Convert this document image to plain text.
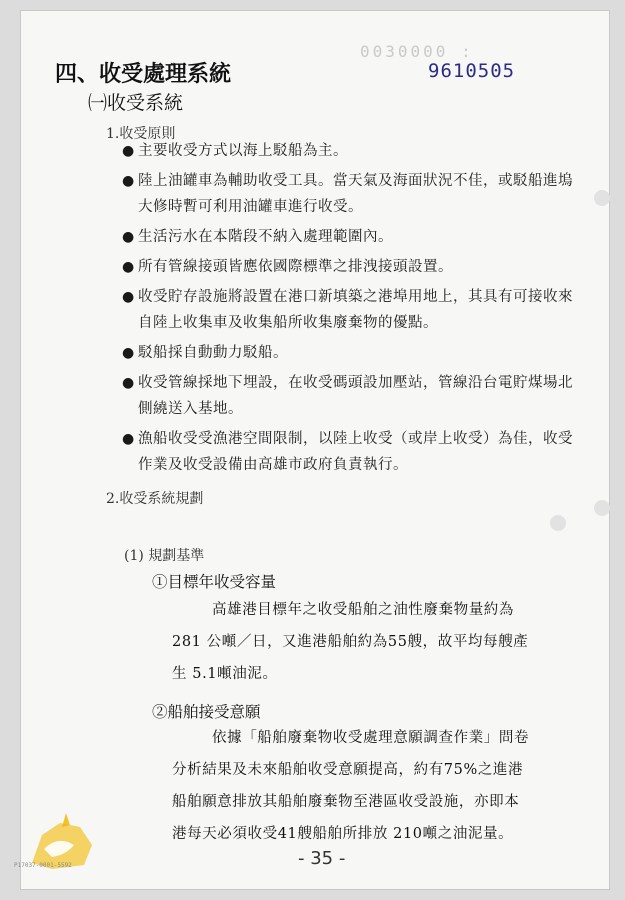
0030000 :
9610505
四、收受處理系統
㈠收受系統
1.收受原則
● 主要收受方式以海上駁船為主。
● 陸上油罐車為輔助收受工具。當天氣及海面狀況不佳，或駁船進塢大修時暫可利用油罐車進行收受。
● 生活污水在本階段不納入處理範圍內。
● 所有管線接頭皆應依國際標準之排洩接頭設置。
● 收受貯存設施將設置在港口新填築之港埠用地上，其具有可接收來自陸上收集車及收集船所收集廢棄物的優點。
● 駁船採自動動力駁船。
● 收受管線採地下埋設，在收受碼頭設加壓站，管線沿台電貯煤場北側繞送入基地。
● 漁船收受受漁港空間限制，以陸上收受（或岸上收受）為佳，收受作業及收受設備由高雄市政府負責執行。
2.收受系統規劃
(1) 規劃基準
①目標年收受容量
高雄港目標年之收受船舶之油性廢棄物量約為
281 公噸／日，又進港船舶約為55艘，故平均每艘產
生 5.1噸油泥。
②船舶接受意願
依據「船舶廢棄物收受處理意願調查作業」問卷
分析結果及未來船舶收受意願提高，約有75%之進港
船舶願意排放其船舶廢棄物至港區收受設施，亦即本
港每天必須收受41艘船舶所排放 210噸之油泥量。
- 35 -
P17037-0001-5592
